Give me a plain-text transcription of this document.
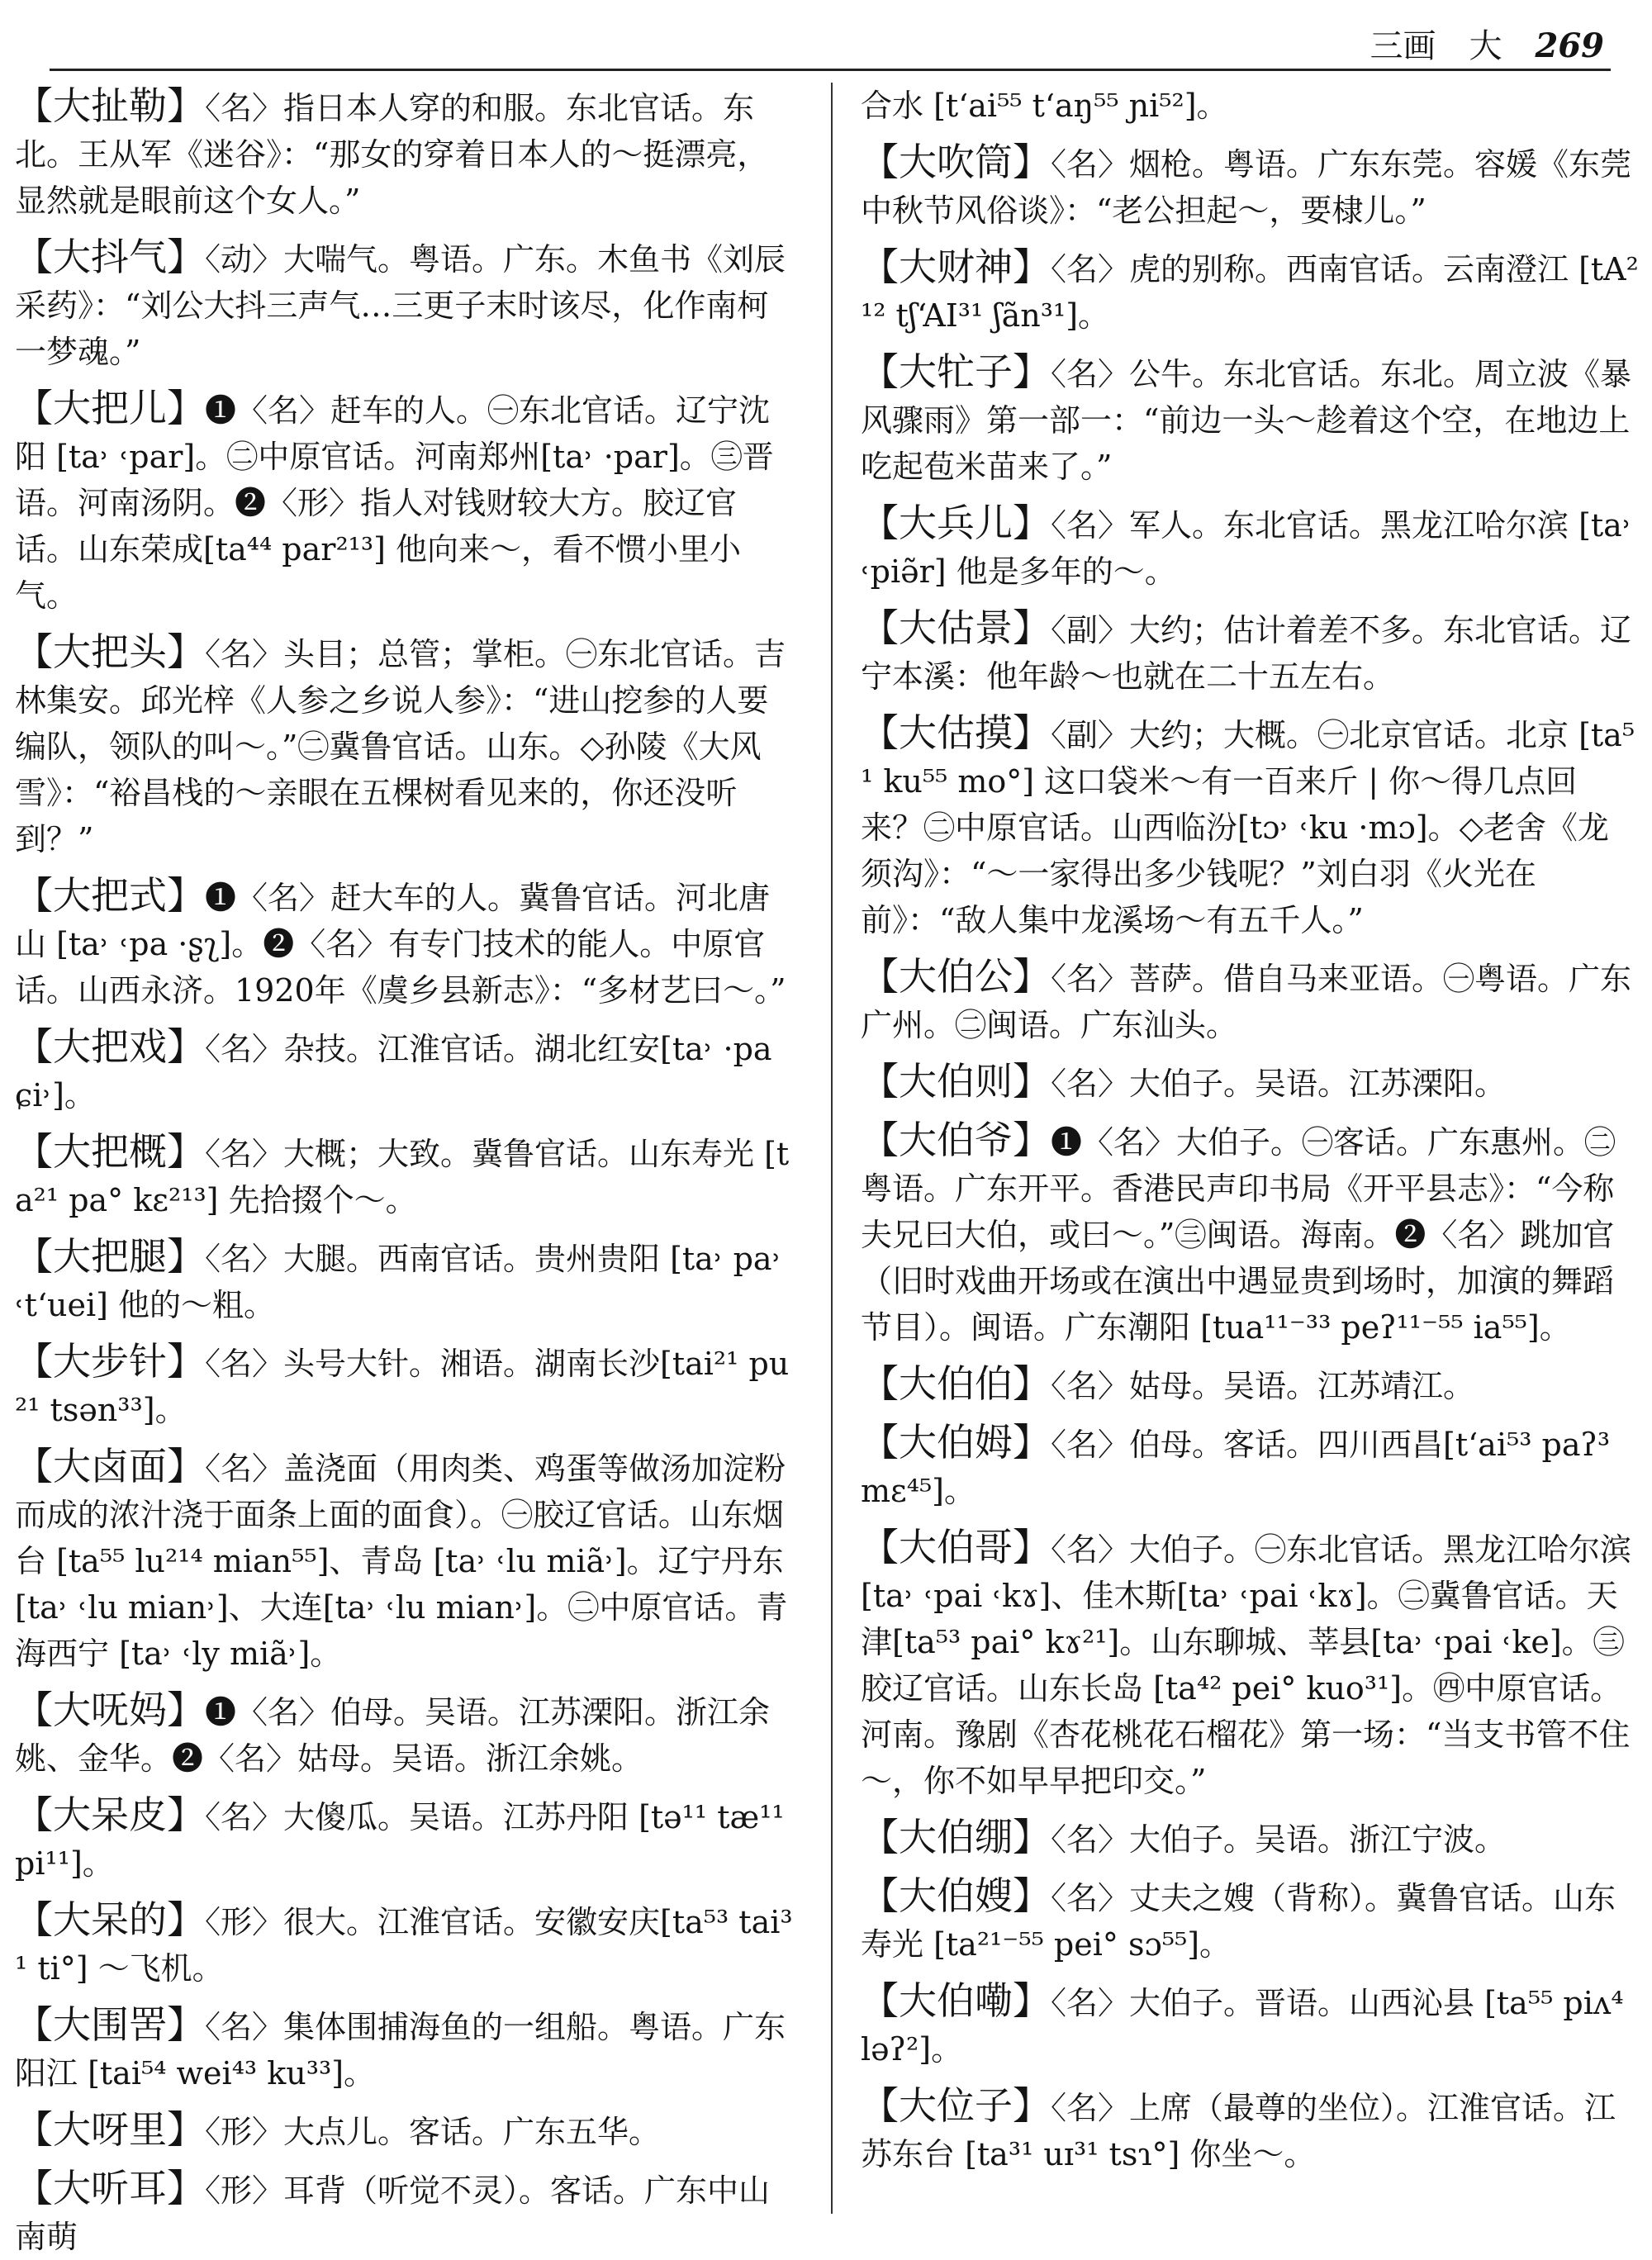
三画 大 269
【 大扯勒 】 〈名〉指日本人穿的和服。东北官话。东北。王从军《迷谷》：“那女的穿着日本人的～挺漂亮，显然就是眼前这个女人。”
【 大抖气 】 〈动〉大喘气。粤语。广东。木鱼书《刘辰采药》：“刘公大抖三声气…三更子末时该尽，化作南柯一梦魂。”
【 大把儿 】 ❶〈名〉赶车的人。㊀东北官话。辽宁沈阳 [ta˒ ˓par]。㊁中原官话。河南郑州[ta˒ ·par]。㊂晋语。河南汤阴。❷〈形〉指人对钱财较大方。胶辽官话。山东荣成[ta⁴⁴ par²¹³] 他向来～，看不惯小里小气。
【 大把头 】 〈名〉头目；总管；掌柜。㊀东北官话。吉林集安。邱光梓《人参之乡说人参》：“进山挖参的人要编队，领队的叫～。”㊁冀鲁官话。山东。◇孙陵《大风雪》：“裕昌栈的～亲眼在五棵树看见来的，你还没听到？”
【 大把式 】 ❶〈名〉赶大车的人。冀鲁官话。河北唐山 [ta˒ ˓pa ·ʂʅ]。❷〈名〉有专门技术的能人。中原官话。山西永济。1920年《虞乡县新志》：“多材艺曰～。”
【 大把戏 】 〈名〉杂技。江淮官话。湖北红安[ta˒ ·pa ɕi˒]。
【 大把概 】 〈名〉大概；大致。冀鲁官话。山东寿光 [ta²¹ pa° kɛ²¹³] 先拾掇个～。
【 大把腿 】 〈名〉大腿。西南官话。贵州贵阳 [ta˒ pa˒ ˓t‘uei] 他的～粗。
【 大步针 】 〈名〉头号大针。湘语。湖南长沙[tai²¹ pu²¹ tsən³³]。
【 大卤面 】 〈名〉盖浇面（用肉类、鸡蛋等做汤加淀粉而成的浓汁浇于面条上面的面食）。㊀胶辽官话。山东烟台 [ta⁵⁵ lu²¹⁴ mian⁵⁵]、青岛 [ta˒ ˓lu miã˒]。辽宁丹东 [ta˒ ˓lu mian˒]、大连[ta˒ ˓lu mian˒]。㊁中原官话。青海西宁 [ta˒ ˓ly miã˒]。
【 大呒妈 】 ❶〈名〉伯母。吴语。江苏溧阳。浙江余姚、金华。❷〈名〉姑母。吴语。浙江余姚。
【 大呆皮 】 〈名〉大傻瓜。吴语。江苏丹阳 [tə¹¹ tæ¹¹ pi¹¹]。
【 大呆的 】 〈形〉很大。江淮官话。安徽安庆[ta⁵³ tai³¹ ti°] ～飞机。
【 大围罟 】 〈名〉集体围捕海鱼的一组船。粤语。广东阳江 [tai⁵⁴ wei⁴³ ku³³]。
【 大呀里 】 〈形〉大点儿。客话。广东五华。
【 大听耳 】 〈形〉耳背（听觉不灵）。客话。广东中山南萌
合水 [t‘ai⁵⁵ t‘aŋ⁵⁵ ɲi⁵²]。
【 大吹筒 】 〈名〉烟枪。粤语。广东东莞。容媛《东莞中秋节风俗谈》：“老公担起～，要棣儿。”
【 大财神 】 〈名〉虎的别称。西南官话。云南澄江 [tA²¹² tʃ‘AI³¹ ʃãn³¹]。
【 大牤子 】 〈名〉公牛。东北官话。东北。周立波《暴风骤雨》第一部一：“前边一头～趁着这个空，在地边上吃起苞米苗来了。”
【 大兵儿 】 〈名〉军人。东北官话。黑龙江哈尔滨 [ta˒ ˓piə̃r] 他是多年的～。
【 大估景 】 〈副〉大约；估计着差不多。东北官话。辽宁本溪：他年龄～也就在二十五左右。
【 大估摸 】 〈副〉大约；大概。㊀北京官话。北京 [ta⁵¹ ku⁵⁵ mo°] 这口袋米～有一百来斤 | 你～得几点回来？㊁中原官话。山西临汾[tɔ˒ ˓ku ·mɔ]。◇老舍《龙须沟》：“～一家得出多少钱呢？”刘白羽《火光在前》：“敌人集中龙溪场～有五千人。”
【 大伯公 】 〈名〉菩萨。借自马来亚语。㊀粤语。广东广州。㊁闽语。广东汕头。
【 大伯则 】 〈名〉大伯子。吴语。江苏溧阳。
【 大伯爷 】 ❶〈名〉大伯子。㊀客话。广东惠州。㊁粤语。广东开平。香港民声印书局《开平县志》：“今称夫兄曰大伯，或曰～。”㊂闽语。海南。❷〈名〉跳加官（旧时戏曲开场或在演出中遇显贵到场时，加演的舞蹈节目）。闽语。广东潮阳 [tua¹¹⁻³³ peʔ¹¹⁻⁵⁵ ia⁵⁵]。
【 大伯伯 】 〈名〉姑母。吴语。江苏靖江。
【 大伯姆 】 〈名〉伯母。客话。四川西昌[t‘ai⁵³ paʔ³ mɛ⁴⁵]。
【 大伯哥 】 〈名〉大伯子。㊀东北官话。黑龙江哈尔滨 [ta˒ ˓pai ˓kɤ]、佳木斯[ta˒ ˓pai ˓kɤ]。㊁冀鲁官话。天津[ta⁵³ pai° kɤ²¹]。山东聊城、莘县[ta˒ ˓pai ˓ke]。㊂胶辽官话。山东长岛 [ta⁴² pei° kuo³¹]。㊃中原官话。河南。豫剧《杏花桃花石榴花》第一场：“当支书管不住～，你不如早早把印交。”
【 大伯绷 】 〈名〉大伯子。吴语。浙江宁波。
【 大伯嫂 】 〈名〉丈夫之嫂（背称）。冀鲁官话。山东寿光 [ta²¹⁻⁵⁵ pei° sɔ⁵⁵]。
【 大伯嘞 】 〈名〉大伯子。晋语。山西沁县 [ta⁵⁵ piʌ⁴ ləʔ²]。
【 大位子 】 〈名〉上席（最尊的坐位）。江淮官话。江苏东台 [ta³¹ uɪ³¹ tsɿ°] 你坐～。
